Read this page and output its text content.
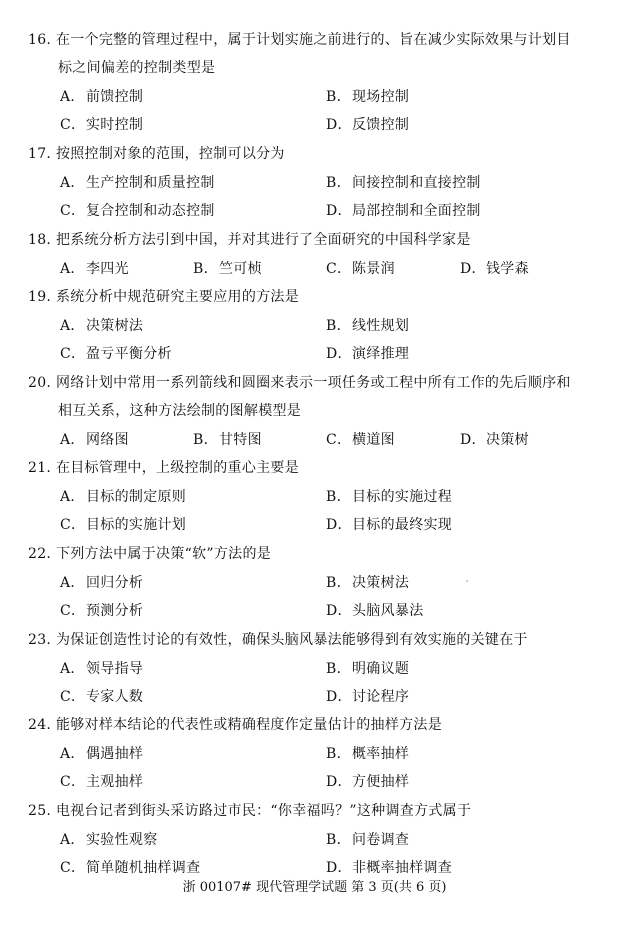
16. 在一个完整的管理过程中，属于计划实施之前进行的、旨在减少实际效果与计划目
标之间偏差的控制类型是
A．前馈控制	B．现场控制
C．实时控制	D．反馈控制
17. 按照控制对象的范围，控制可以分为
A．生产控制和质量控制	B．间接控制和直接控制
C．复合控制和动态控制	D．局部控制和全面控制
18. 把系统分析方法引到中国，并对其进行了全面研究的中国科学家是
A．李四光	B．竺可桢	C．陈景润	D．钱学森
19. 系统分析中规范研究主要应用的方法是
A．决策树法	B．线性规划
C．盈亏平衡分析	D．演绎推理
20. 网络计划中常用一系列箭线和圆圈来表示一项任务或工程中所有工作的先后顺序和
相互关系，这种方法绘制的图解模型是
A．网络图	B．甘特图	C．横道图	D．决策树
21. 在目标管理中，上级控制的重心主要是
A．目标的制定原则	B．目标的实施过程
C．目标的实施计划	D．目标的最终实现
22. 下列方法中属于决策“软”方法的是
A．回归分析	B．决策树法
C．预测分析	D．头脑风暴法
23. 为保证创造性讨论的有效性，确保头脑风暴法能够得到有效实施的关键在于
A．领导指导	B．明确议题
C．专家人数	D．讨论程序
24. 能够对样本结论的代表性或精确程度作定量估计的抽样方法是
A．偶遇抽样	B．概率抽样
C．主观抽样	D．方便抽样
25. 电视台记者到街头采访路过市民：“你幸福吗？”这种调查方式属于
A．实验性观察	B．问卷调查
C．简单随机抽样调查	D．非概率抽样调查
浙 00107# 现代管理学试题 第 3 页(共 6 页)
